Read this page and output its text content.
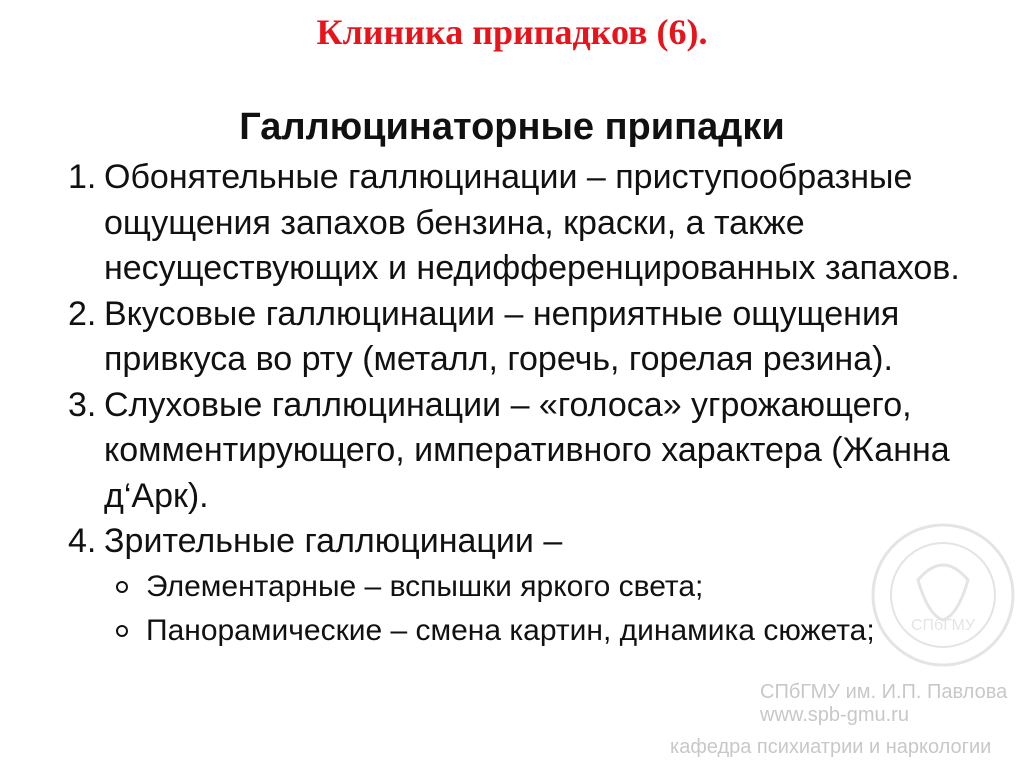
СПбГМУ
СПбГМУ им. И.П. Павлова
www.spb-gmu.ru
кафедра психиатрии и наркологии
Клиника припадков (6).
Галлюцинаторные припадки
1. Обонятельные галлюцинации – приступообразные ощущения запахов бензина, краски, а также несуществующих и недифференцированных запахов.
2. Вкусовые галлюцинации – неприятные ощущения привкуса во рту (металл, горечь, горелая резина).
3. Слуховые галлюцинации – «голоса» угрожающего, комментирующего, императивного характера (Жанна д‘Арк).
4. Зрительные галлюцинации –
Элементарные – вспышки яркого света;
Панорамические – смена картин, динамика сюжета;
